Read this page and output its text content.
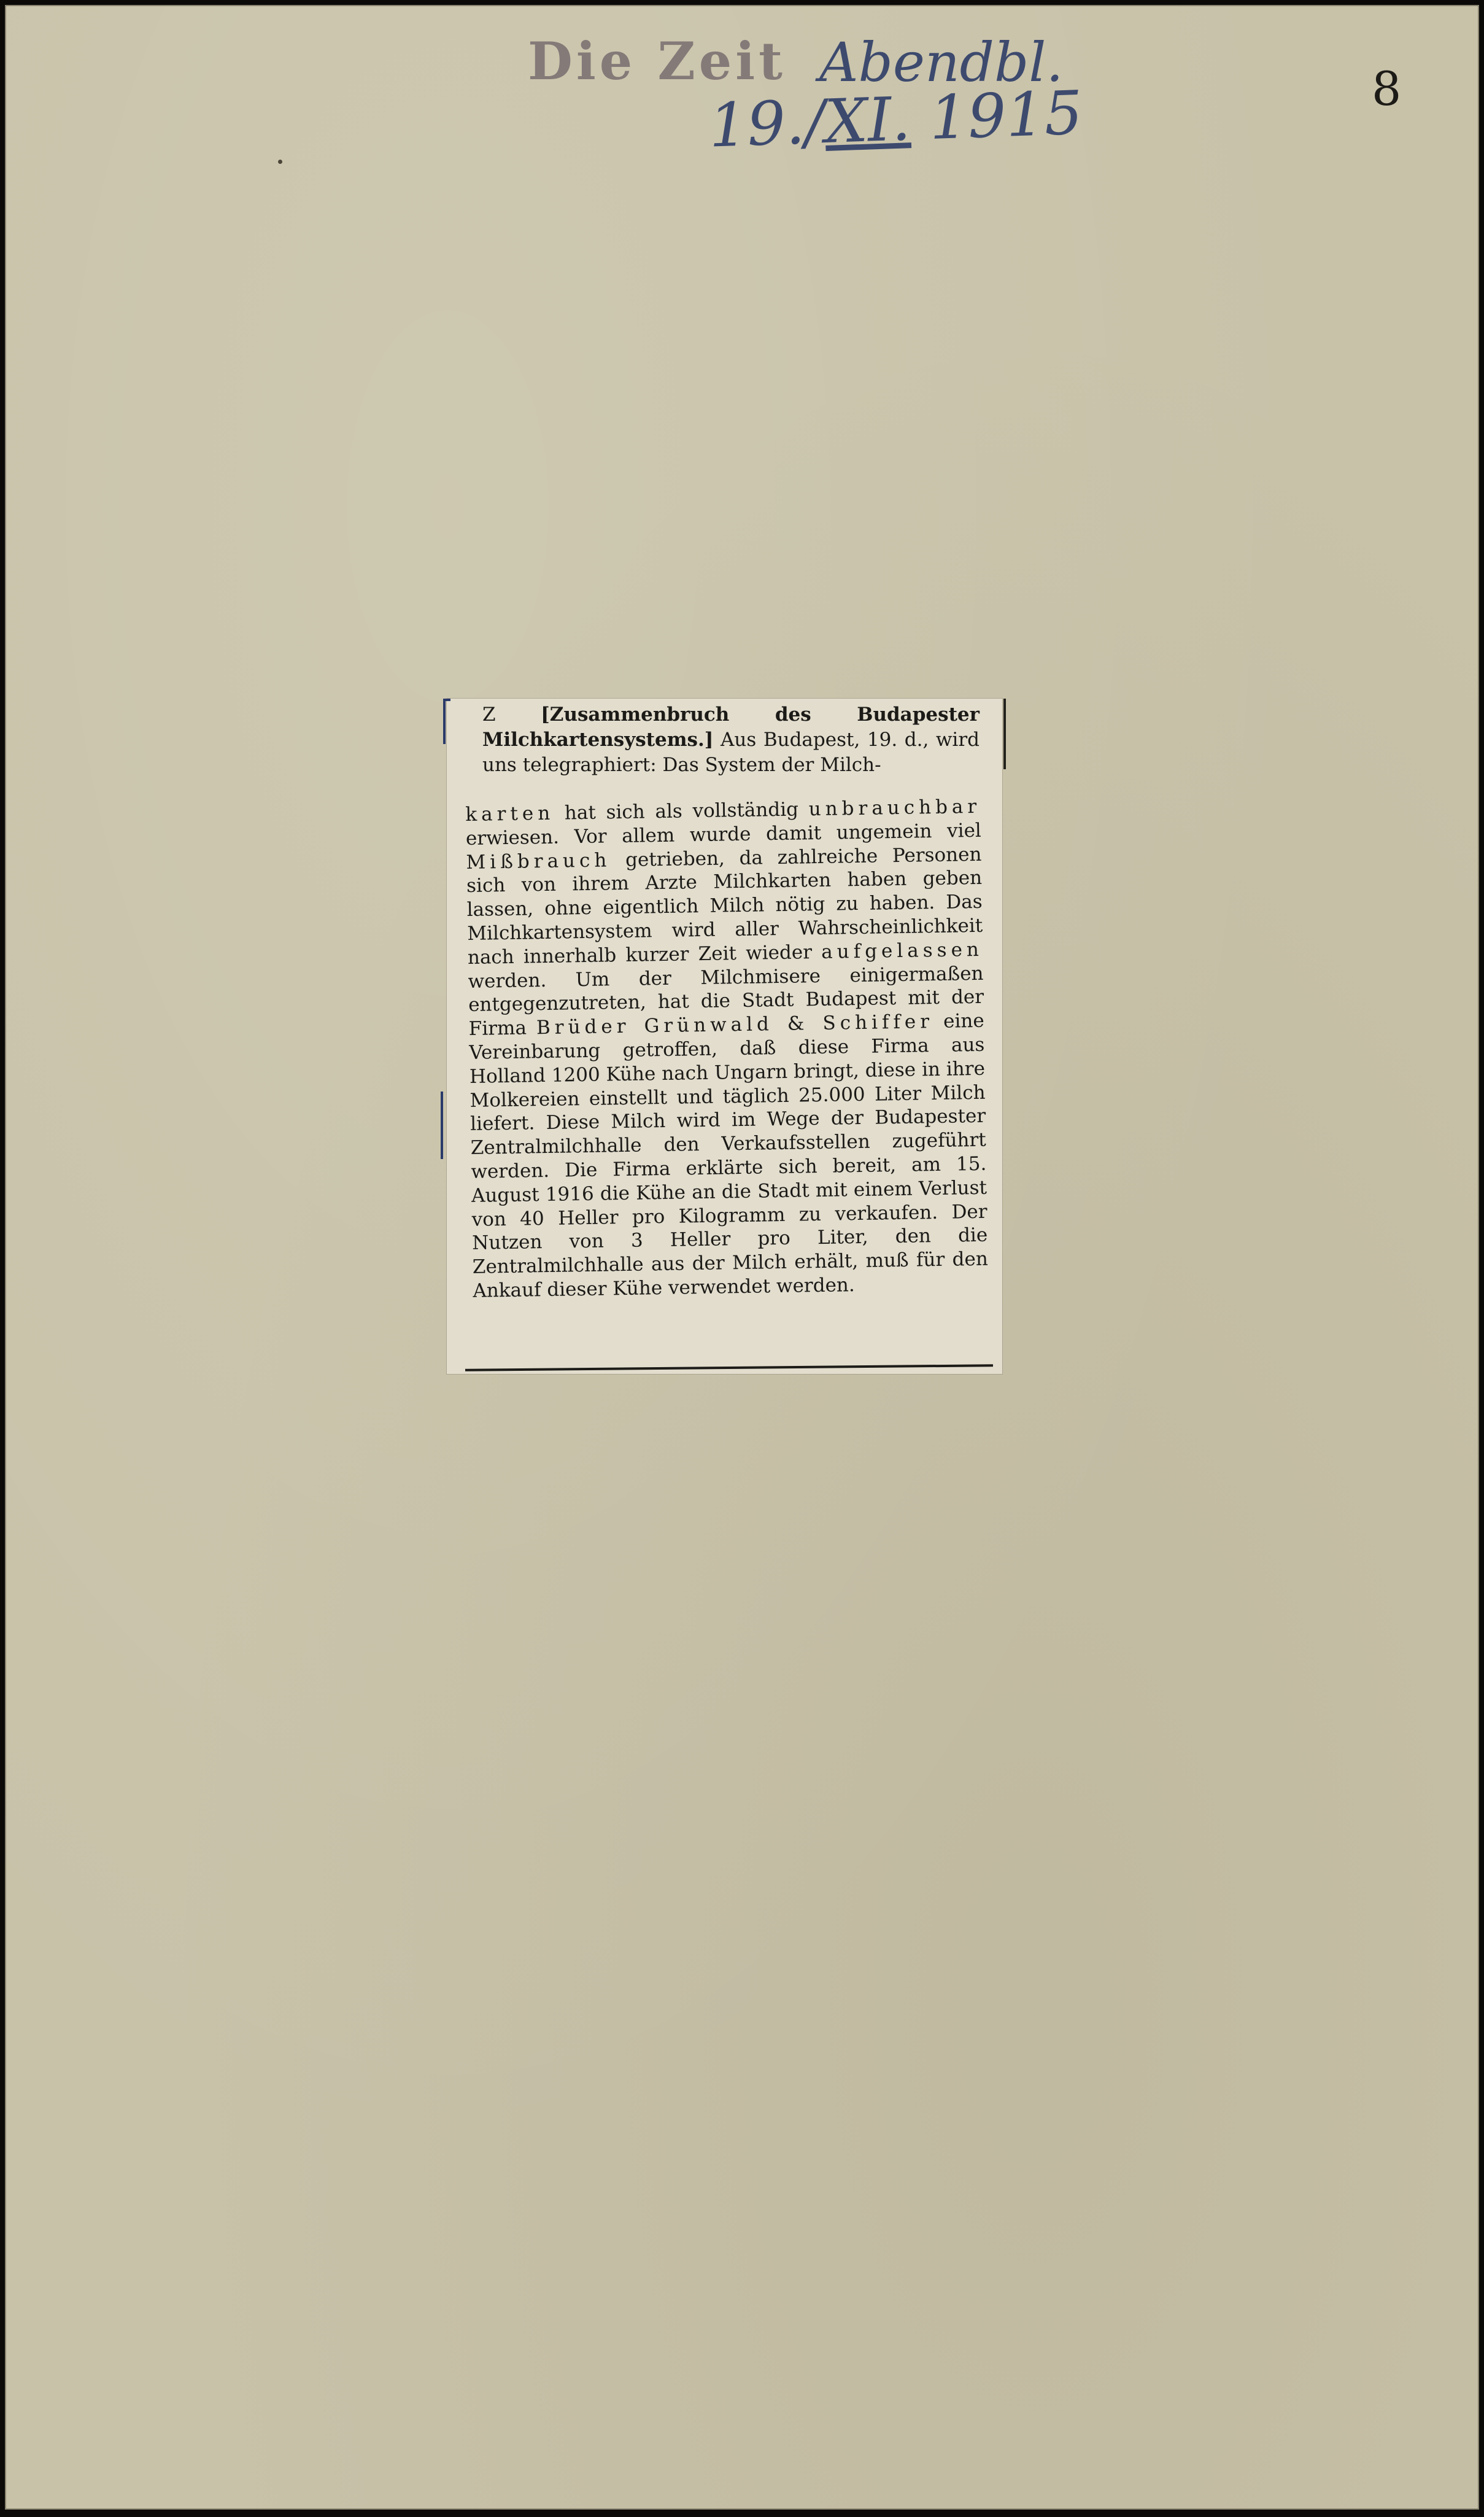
Die Zeit Abendbl.
19./XI. 1915	8
Z [Zusammenbruch des Budapester Milchkartensystems.] Aus Budapest, 19. d., wird uns telegraphiert: Das System der Milch-
karten hat sich als vollständig unbrauchbar erwiesen. Vor allem wurde damit ungemein viel Mißbrauch getrieben, da zahlreiche Personen sich von ihrem Arzte Milchkarten haben geben lassen, ohne eigentlich Milch nötig zu haben. Das Milchkartensystem wird aller Wahrscheinlichkeit nach innerhalb kurzer Zeit wieder aufgelassen werden. Um der Milchmisere einigermaßen entgegenzutreten, hat die Stadt Budapest mit der Firma Brüder Grünwald & Schiffer eine Vereinbarung getroffen, daß diese Firma aus Holland 1200 Kühe nach Ungarn bringt, diese in ihre Molkereien einstellt und täglich 25.000 Liter Milch liefert. Diese Milch wird im Wege der Budapester Zentralmilchhalle den Verkaufsstellen zugeführt werden. Die Firma erklärte sich bereit, am 15. August 1916 die Kühe an die Stadt mit einem Verlust von 40 Heller pro Kilogramm zu verkaufen. Der Nutzen von 3 Heller pro Liter, den die Zentralmilchhalle aus der Milch erhält, muß für den Ankauf dieser Kühe verwendet werden.
